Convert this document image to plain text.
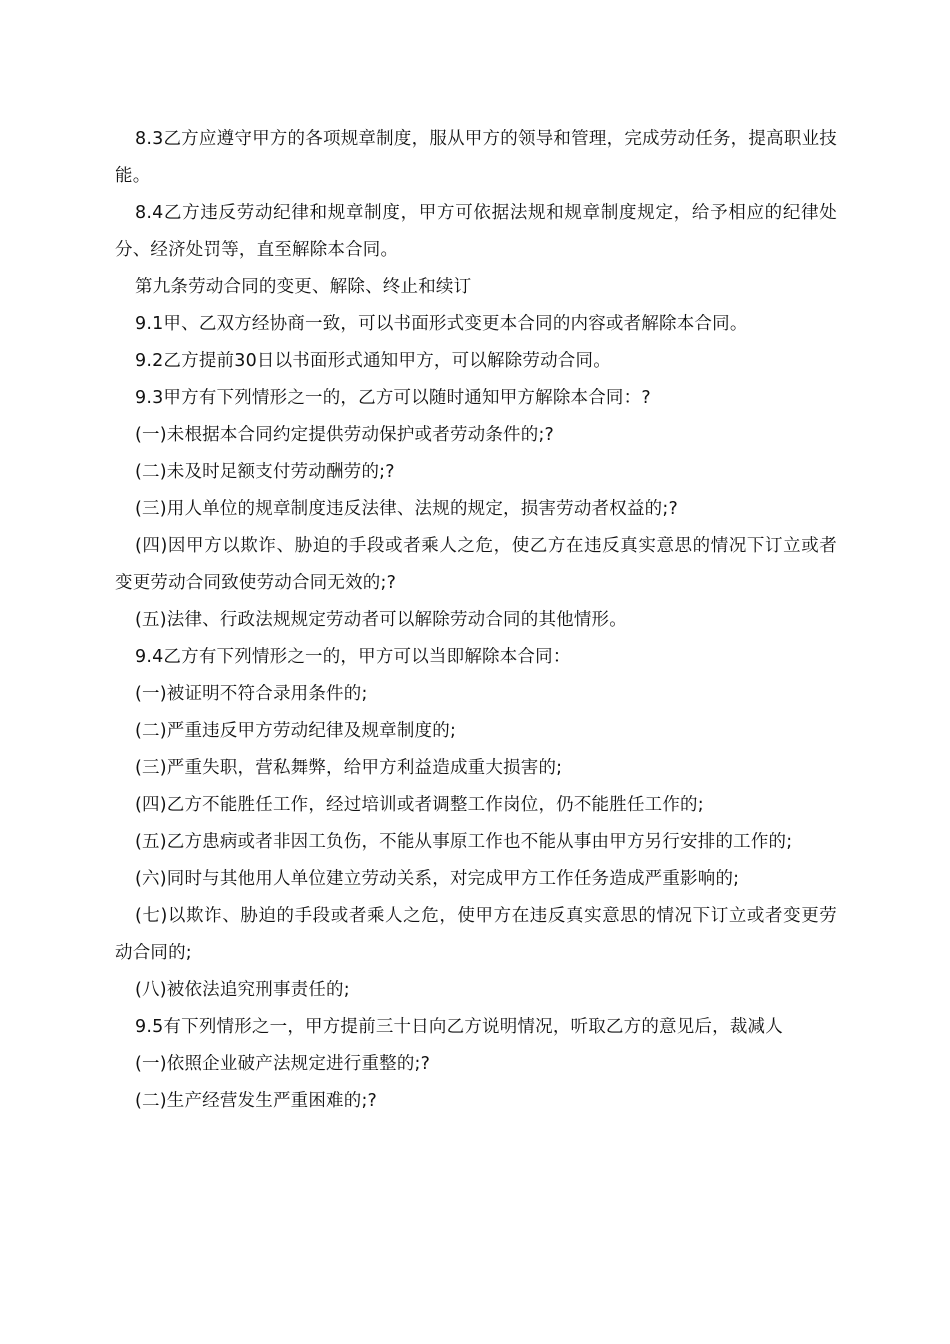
8.3乙方应遵守甲方的各项规章制度，服从甲方的领导和管理，完成劳动任务，提高职业技能。

8.4乙方违反劳动纪律和规章制度，甲方可依据法规和规章制度规定，给予相应的纪律处分、经济处罚等，直至解除本合同。

第九条劳动合同的变更、解除、终止和续订

9.1甲、乙双方经协商一致，可以书面形式变更本合同的内容或者解除本合同。

9.2乙方提前30日以书面形式通知甲方，可以解除劳动合同。

9.3甲方有下列情形之一的，乙方可以随时通知甲方解除本合同：?

(一)未根据本合同约定提供劳动保护或者劳动条件的;?

(二)未及时足额支付劳动酬劳的;?

(三)用人单位的规章制度违反法律、法规的规定，损害劳动者权益的;?

(四)因甲方以欺诈、胁迫的手段或者乘人之危，使乙方在违反真实意思的情况下订立或者变更劳动合同致使劳动合同无效的;?

(五)法律、行政法规规定劳动者可以解除劳动合同的其他情形。

9.4乙方有下列情形之一的，甲方可以当即解除本合同：

(一)被证明不符合录用条件的;

(二)严重违反甲方劳动纪律及规章制度的;

(三)严重失职，营私舞弊，给甲方利益造成重大损害的;

(四)乙方不能胜任工作，经过培训或者调整工作岗位，仍不能胜任工作的;

(五)乙方患病或者非因工负伤，不能从事原工作也不能从事由甲方另行安排的工作的;

(六)同时与其他用人单位建立劳动关系，对完成甲方工作任务造成严重影响的;

(七)以欺诈、胁迫的手段或者乘人之危，使甲方在违反真实意思的情况下订立或者变更劳动合同的;

(八)被依法追究刑事责任的;

9.5有下列情形之一，甲方提前三十日向乙方说明情况，听取乙方的意见后，裁减人

(一)依照企业破产法规定进行重整的;?

(二)生产经营发生严重困难的;?
